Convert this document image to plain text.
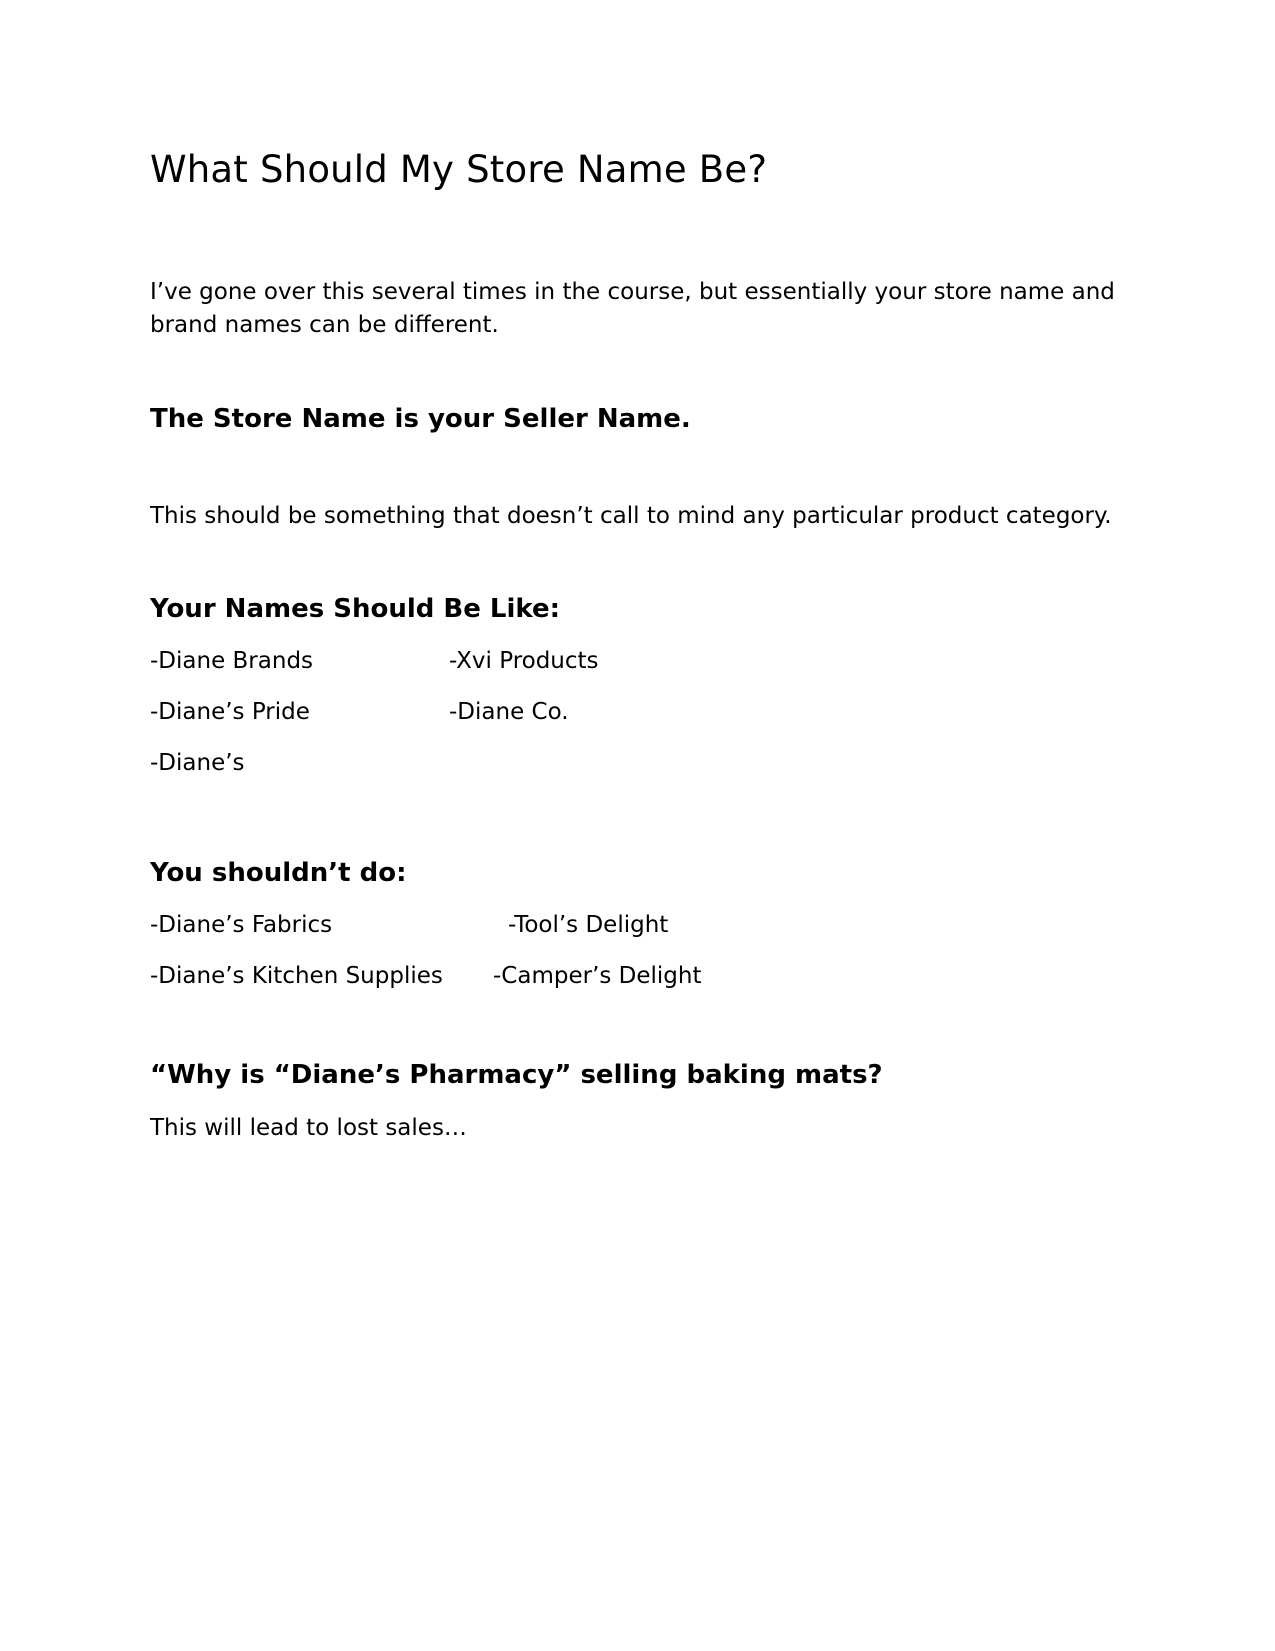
What Should My Store Name Be?

I’ve gone over this several times in the course, but essentially your store name and

brand names can be different.

The Store Name is your Seller Name.

This should be something that doesn’t call to mind any particular product category.

Your Names Should Be Like:
-Diane Brands	-Xvi Products
-Diane’s Pride	-Diane Co.
-Diane’s
You shouldn’t do:
-Diane’s Fabrics	-Tool’s Delight
-Diane’s Kitchen Supplies -Camper’s Delight
“Why is “Diane’s Pharmacy” selling baking mats?

This will lead to lost sales…
